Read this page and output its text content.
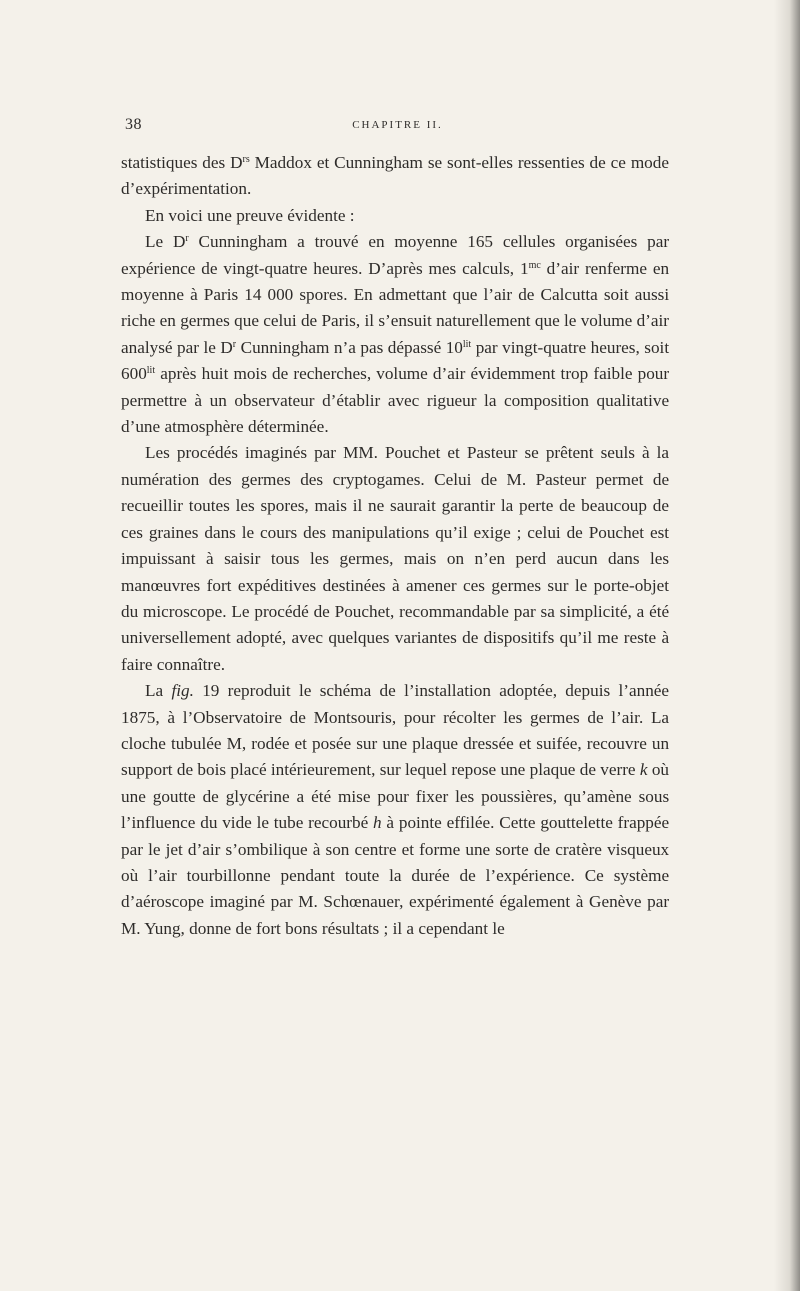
38	CHAPITRE II.

statistiques des $D^{rs}$ Maddox et Cunningham se sont-elles ressenties de ce mode d’expérimentation.

En voici une preuve évidente :

Le $D^r$ Cunningham a trouvé en moyenne 165 cellules organisées par expérience de vingt-quatre heures. D’après mes calculs, $1^{mc}$ d’air renferme en moyenne à Paris 14 000 spores. En admettant que l’air de Calcutta soit aussi riche en germes que celui de Paris, il s’ensuit naturellement que le volume d’air analysé par le $D^r$ Cunningham n’a pas dépassé $10^{lit}$ par vingt-quatre heures, soit $600^{lit}$ après huit mois de recherches, volume d’air évidemment trop faible pour permettre à un observateur d’établir avec rigueur la composition qualitative d’une atmosphère déterminée.

Les procédés imaginés par MM. Pouchet et Pasteur se prêtent seuls à la numération des germes des cryptogames. Celui de M. Pasteur permet de recueillir toutes les spores, mais il ne saurait garantir la perte de beaucoup de ces graines dans le cours des manipulations qu’il exige ; celui de Pouchet est impuissant à saisir tous les germes, mais on n’en perd aucun dans les manœuvres fort expéditives destinées à amener ces germes sur le porte-objet du microscope. Le procédé de Pouchet, recommandable par sa simplicité, a été universellement adopté, avec quelques variantes de dispositifs qu’il me reste à faire connaître.

La fig. 19 reproduit le schéma de l’installation adoptée, depuis l’année 1875, à l’Observatoire de Montsouris, pour récolter les germes de l’air. La cloche tubulée M, rodée et posée sur une plaque dressée et suifée, recouvre un support de bois placé intérieurement, sur lequel repose une plaque de verre k où une goutte de glycérine a été mise pour fixer les poussières, qu’amène sous l’influence du vide le tube recourbé h à pointe effilée. Cette gouttelette frappée par le jet d’air s’ombilique à son centre et forme une sorte de cratère visqueux où l’air tourbillonne pendant toute la durée de l’expérience. Ce système d’aéroscope imaginé par M. Schœnauer, expérimenté également à Genève par M. Yung, donne de fort bons résultats ; il a cependant le
